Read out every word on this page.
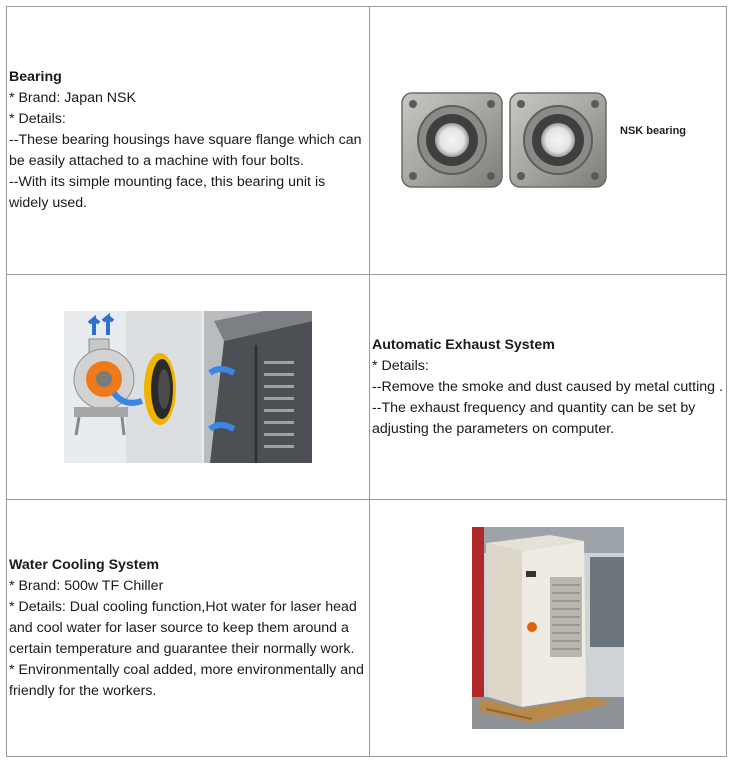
Bearing

* Brand: Japan NSK

* Details:

--These bearing housings have square flange which can be easily attached to a machine with four bolts.

--With its simple mounting face, this bearing unit is widely used.	NSK bearing

Automatic Exhaust System

* Details:

--Remove the smoke and dust caused by metal cutting .

--The exhaust frequency and quantity can be set by adjusting the parameters on computer.

Water Cooling System

* Brand: 500w TF Chiller

* Details: Dual cooling function,Hot water for laser head and cool water for laser source to keep them around a certain temperature and guarantee their normally work.

* Environmentally coal added, more environmentally and friendly for the workers.
